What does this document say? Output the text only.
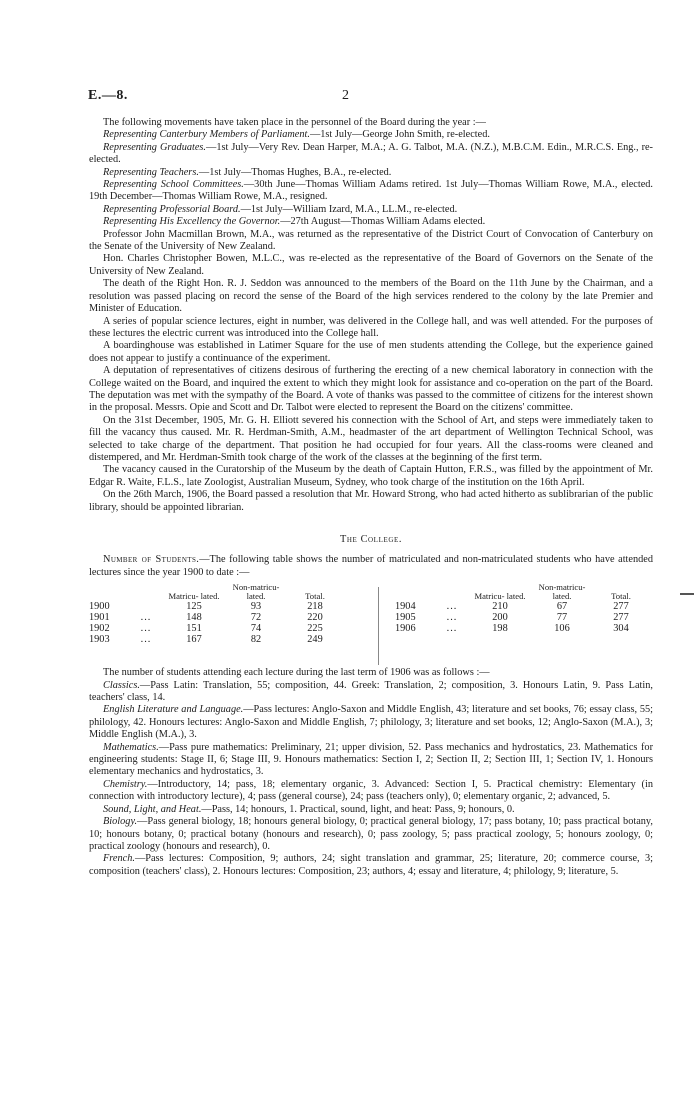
E.—8.	2

The following movements have taken place in the personnel of the Board during the year :—

Representing Canterbury Members of Parliament.—1st July—George John Smith, re-elected.

Representing Graduates.—1st July—Very Rev. Dean Harper, M.A.; A. G. Talbot, M.A. (N.Z.), M.B.C.M. Edin., M.R.C.S. Eng., re-elected.

Representing Teachers.—1st July—Thomas Hughes, B.A., re-elected.

Representing School Committees.—30th June—Thomas William Adams retired. 1st July—Thomas William Rowe, M.A., elected. 19th December—Thomas William Rowe, M.A., resigned.

Representing Professorial Board.—1st July—William Izard, M.A., LL.M., re-elected.

Representing His Excellency the Governor.—27th August—Thomas William Adams elected.

Professor John Macmillan Brown, M.A., was returned as the representative of the District Court of Convocation of Canterbury on the Senate of the University of New Zealand.

Hon. Charles Christopher Bowen, M.L.C., was re-elected as the representative of the Board of Governors on the Senate of the University of New Zealand.

The death of the Right Hon. R. J. Seddon was announced to the members of the Board on the 11th June by the Chairman, and a resolution was passed placing on record the sense of the Board of the high services rendered to the colony by the late Premier and Minister of Education.

A series of popular science lectures, eight in number, was delivered in the College hall, and was well attended. For the purposes of these lectures the electric current was introduced into the College hall.

A boardinghouse was established in Latimer Square for the use of men students attending the College, but the experience gained does not appear to justify a continuance of the experiment.

A deputation of representatives of citizens desirous of furthering the erecting of a new chemical laboratory in connection with the College waited on the Board, and inquired the extent to which they might look for assistance and co-operation on the part of the Board. The deputation was met with the sympathy of the Board. A vote of thanks was passed to the committee of citizens for the interest shown in the proposal. Messrs. Opie and Scott and Dr. Talbot were elected to represent the Board on the citizens' committee.

On the 31st December, 1905, Mr. G. H. Elliott severed his connection with the School of Art, and steps were immediately taken to fill the vacancy thus caused. Mr. R. Herdman-Smith, A.M., headmaster of the art department of Wellington Technical School, was selected to take charge of the department. That position he had occupied for four years. All the class-rooms were cleaned and distempered, and Mr. Herdman-Smith took charge of the work of the classes at the beginning of the first term.

The vacancy caused in the Curatorship of the Museum by the death of Captain Hutton, F.R.S., was filled by the appointment of Mr. Edgar R. Waite, F.L.S., late Zoologist, Australian Museum, Sydney, who took charge of the institution on the 16th April.

On the 26th March, 1906, the Board passed a resolution that Mr. Howard Strong, who had acted hitherto as sublibrarian of the public library, should be appointed librarian.

The College.

Number of Students.—The following table shows the number of matriculated and non-matriculated students who have attended lectures since the year 1900 to date :—

		Matricu- lated.	Non-matricu- lated.	Total.
1900		125	93	218
1901	...	148	72	220
1902	...	151	74	225
1903	...	167	82	249
		Matricu- lated.	Non-matricu- lated.	Total.
1904	...	210	67	277
1905	...	200	77	277
1906	...	198	106	304

The number of students attending each lecture during the last term of 1906 was as follows :—

Classics.—Pass Latin: Translation, 55; composition, 44. Greek: Translation, 2; composition, 3. Honours Latin, 9. Pass Latin, teachers' class, 14.

English Literature and Language.—Pass lectures: Anglo-Saxon and Middle English, 43; literature and set books, 76; essay class, 55; philology, 42. Honours lectures: Anglo-Saxon and Middle English, 7; philology, 3; literature and set books, 12; Anglo-Saxon (M.A.), 3; Middle English (M.A.), 3.

Mathematics.—Pass pure mathematics: Preliminary, 21; upper division, 52. Pass mechanics and hydrostatics, 23. Mathematics for engineering students: Stage II, 6; Stage III, 9. Honours mathematics: Section I, 2; Section II, 2; Section III, 1; Section IV, 1. Honours elementary mechanics and hydrostatics, 3.

Chemistry.—Introductory, 14; pass, 18; elementary organic, 3. Advanced: Section I, 5. Practical chemistry: Elementary (in connection with introductory lecture), 4; pass (general course), 24; pass (teachers only), 0; elementary organic, 2; advanced, 5.

Sound, Light, and Heat.—Pass, 14; honours, 1. Practical, sound, light, and heat: Pass, 9; honours, 0.

Biology.—Pass general biology, 18; honours general biology, 0; practical general biology, 17; pass botany, 10; pass practical botany, 10; honours botany, 0; practical botany (honours and research), 0; pass zoology, 5; pass practical zoology, 5; honours zoology, 0; practical zoology (honours and research), 0.

French.—Pass lectures: Composition, 9; authors, 24; sight translation and grammar, 25; literature, 20; commerce course, 3; composition (teachers' class), 2. Honours lectures: Composition, 23; authors, 4; essay and literature, 4; philology, 9; literature, 5.
